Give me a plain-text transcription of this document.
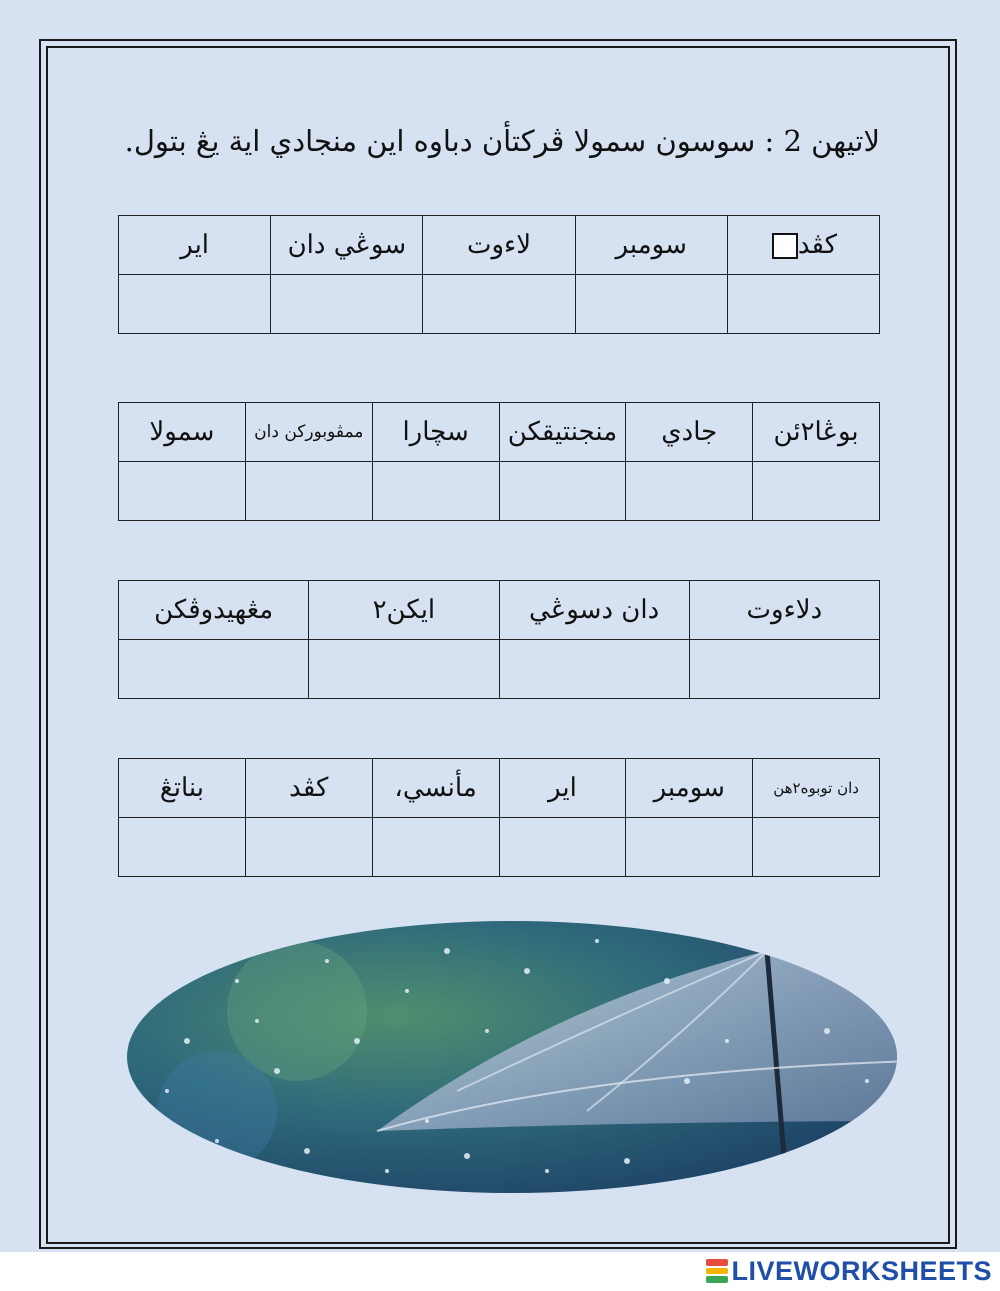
لاتيهن 2 : سوسون سمولا ڤركتأن دباوه اين منجادي اية يڠ بتول.
كڤد	سومبر	لاءوت	سوڠي دان	اير

بوڠا٢ئن	جادي	منجنتيقكن	سچارا	ممڤوبوركن دان	سمولا

دلاءوت	دان دسوڠي	ايکن٢	مڠهيدوڤكن

دان توبوه٢هن	سومبر	اير	مأنسي،	كڤد	بناتڠ

LIVEWORKSHEETS
